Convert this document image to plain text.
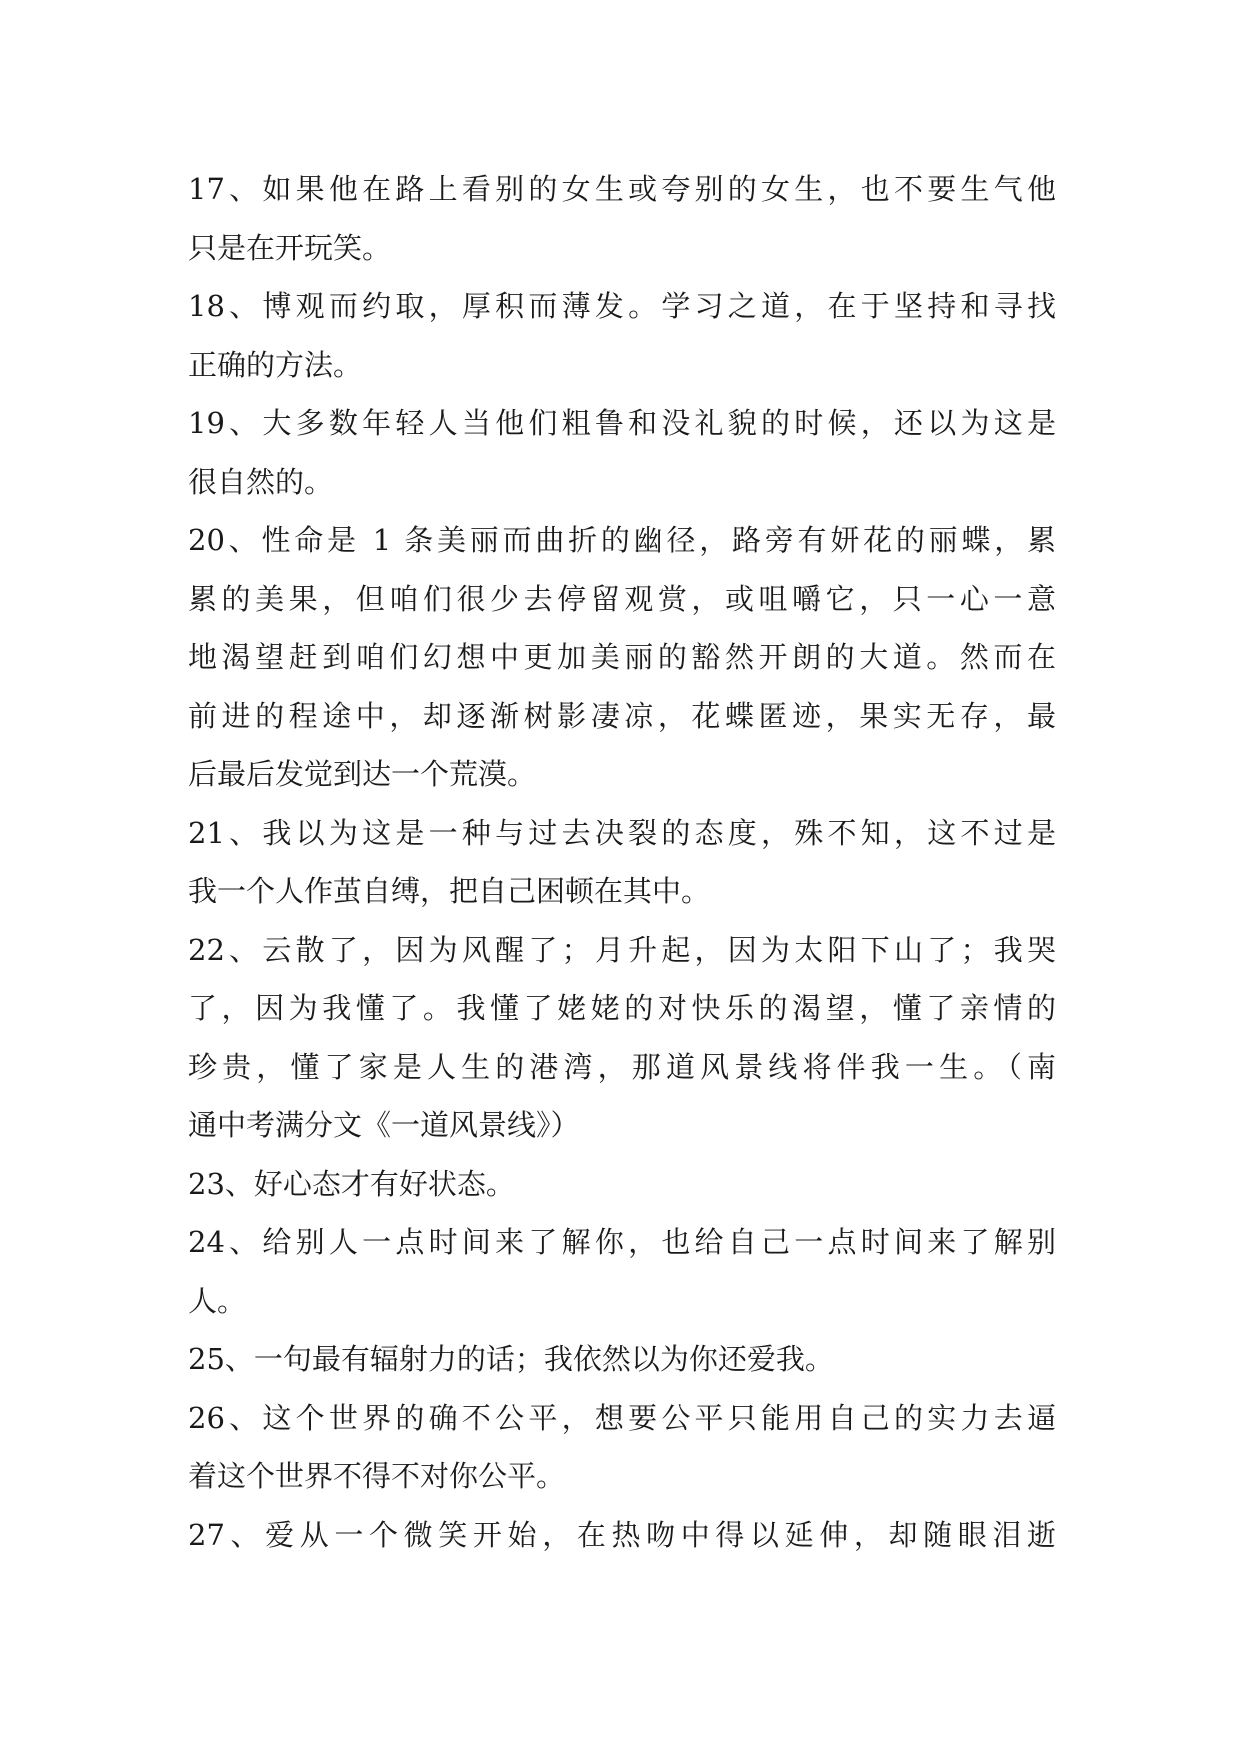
17、如果他在路上看别的女生或夸别的女生，也不要生气他
只是在开玩笑。
18、博观而约取，厚积而薄发。学习之道，在于坚持和寻找
正确的方法。
19、大多数年轻人当他们粗鲁和没礼貌的时候，还以为这是
很自然的。
20、性命是 1 条美丽而曲折的幽径，路旁有妍花的丽蝶，累
累的美果，但咱们很少去停留观赏，或咀嚼它，只一心一意
地渴望赶到咱们幻想中更加美丽的豁然开朗的大道。然而在
前进的程途中，却逐渐树影凄凉，花蝶匿迹，果实无存，最
后最后发觉到达一个荒漠。
21、我以为这是一种与过去决裂的态度，殊不知，这不过是
我一个人作茧自缚，把自己困顿在其中。
22、云散了，因为风醒了；月升起，因为太阳下山了；我哭
了，因为我懂了。我懂了姥姥的对快乐的渴望，懂了亲情的
珍贵，懂了家是人生的港湾，那道风景线将伴我一生。（南
通中考满分文《一道风景线》）
23、好心态才有好状态。
24、给别人一点时间来了解你，也给自己一点时间来了解别
人。
25、一句最有辐射力的话；我依然以为你还爱我。
26、这个世界的确不公平，想要公平只能用自己的实力去逼
着这个世界不得不对你公平。
27、爱从一个微笑开始，在热吻中得以延伸，却随眼泪逝
